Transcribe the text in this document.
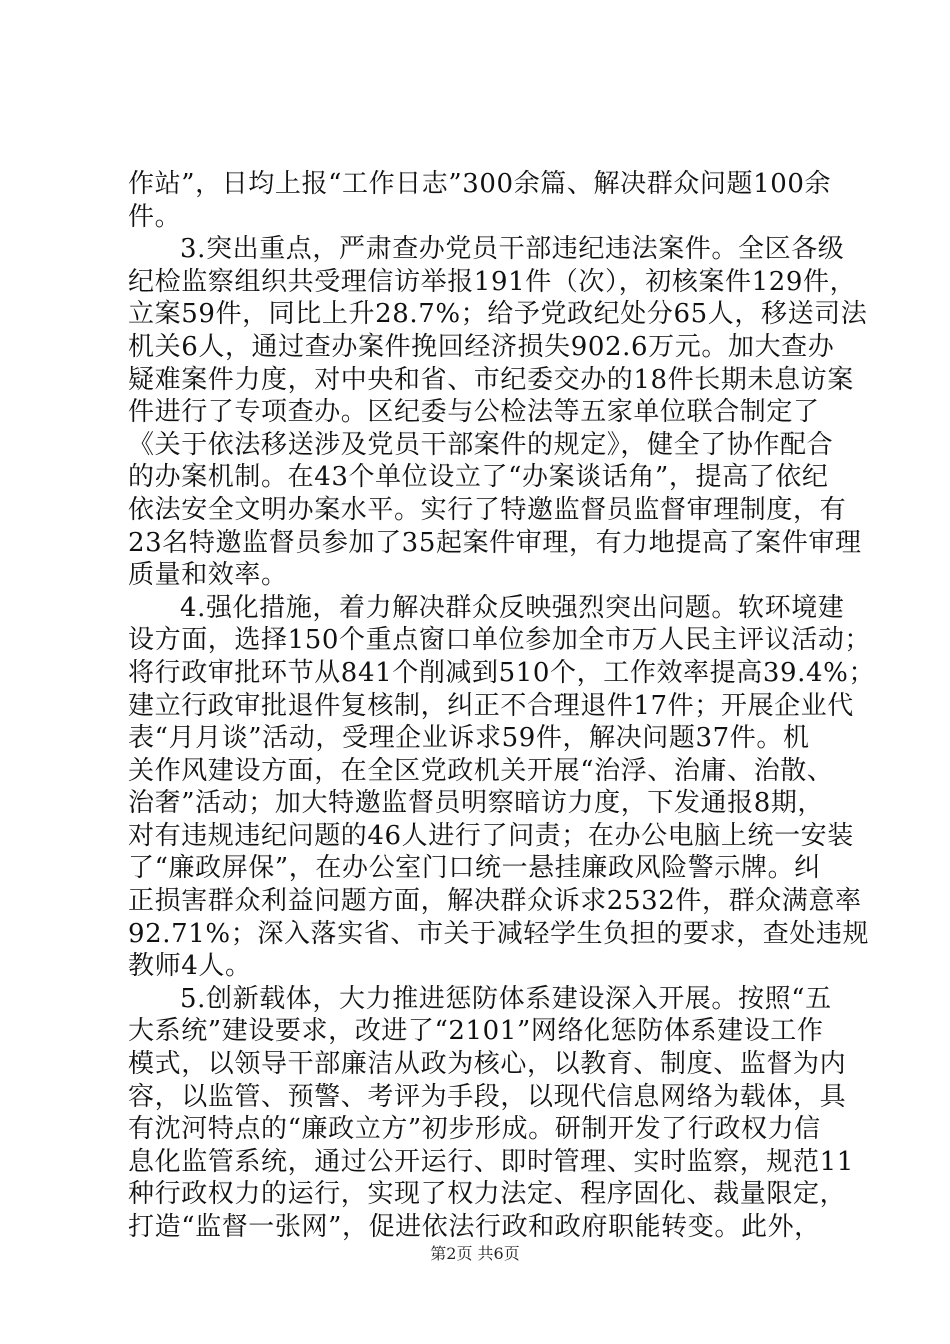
作站”，日均上报“工作日志”300余篇、解决群众问题100余
件。
3.突出重点，严肃查办党员干部违纪违法案件。全区各级
纪检监察组织共受理信访举报191件（次），初核案件129件，
立案59件，同比上升28.7%；给予党政纪处分65人，移送司法
机关6人，通过查办案件挽回经济损失902.6万元。加大查办
疑难案件力度，对中央和省、市纪委交办的18件长期未息访案
件进行了专项查办。区纪委与公检法等五家单位联合制定了
《关于依法移送涉及党员干部案件的规定》，健全了协作配合
的办案机制。在43个单位设立了“办案谈话角”，提高了依纪
依法安全文明办案水平。实行了特邀监督员监督审理制度，有
23名特邀监督员参加了35起案件审理，有力地提高了案件审理
质量和效率。
4.强化措施，着力解决群众反映强烈突出问题。软环境建
设方面，选择150个重点窗口单位参加全市万人民主评议活动；
将行政审批环节从841个削减到510个，工作效率提高39.4%；
建立行政审批退件复核制，纠正不合理退件17件；开展企业代
表“月月谈”活动，受理企业诉求59件，解决问题37件。机
关作风建设方面，在全区党政机关开展“治浮、治庸、治散、
治奢”活动；加大特邀监督员明察暗访力度，下发通报8期，
对有违规违纪问题的46人进行了问责；在办公电脑上统一安装
了“廉政屏保”，在办公室门口统一悬挂廉政风险警示牌。纠
正损害群众利益问题方面，解决群众诉求2532件，群众满意率
92.71%；深入落实省、市关于减轻学生负担的要求，查处违规
教师4人。
5.创新载体，大力推进惩防体系建设深入开展。按照“五
大系统”建设要求，改进了“2101”网络化惩防体系建设工作
模式，以领导干部廉洁从政为核心，以教育、制度、监督为内
容，以监管、预警、考评为手段，以现代信息网络为载体，具
有沈河特点的“廉政立方”初步形成。研制开发了行政权力信
息化监管系统，通过公开运行、即时管理、实时监察，规范11
种行政权力的运行，实现了权力法定、程序固化、裁量限定，
打造“监督一张网”，促进依法行政和政府职能转变。此外，
第2页 共6页
